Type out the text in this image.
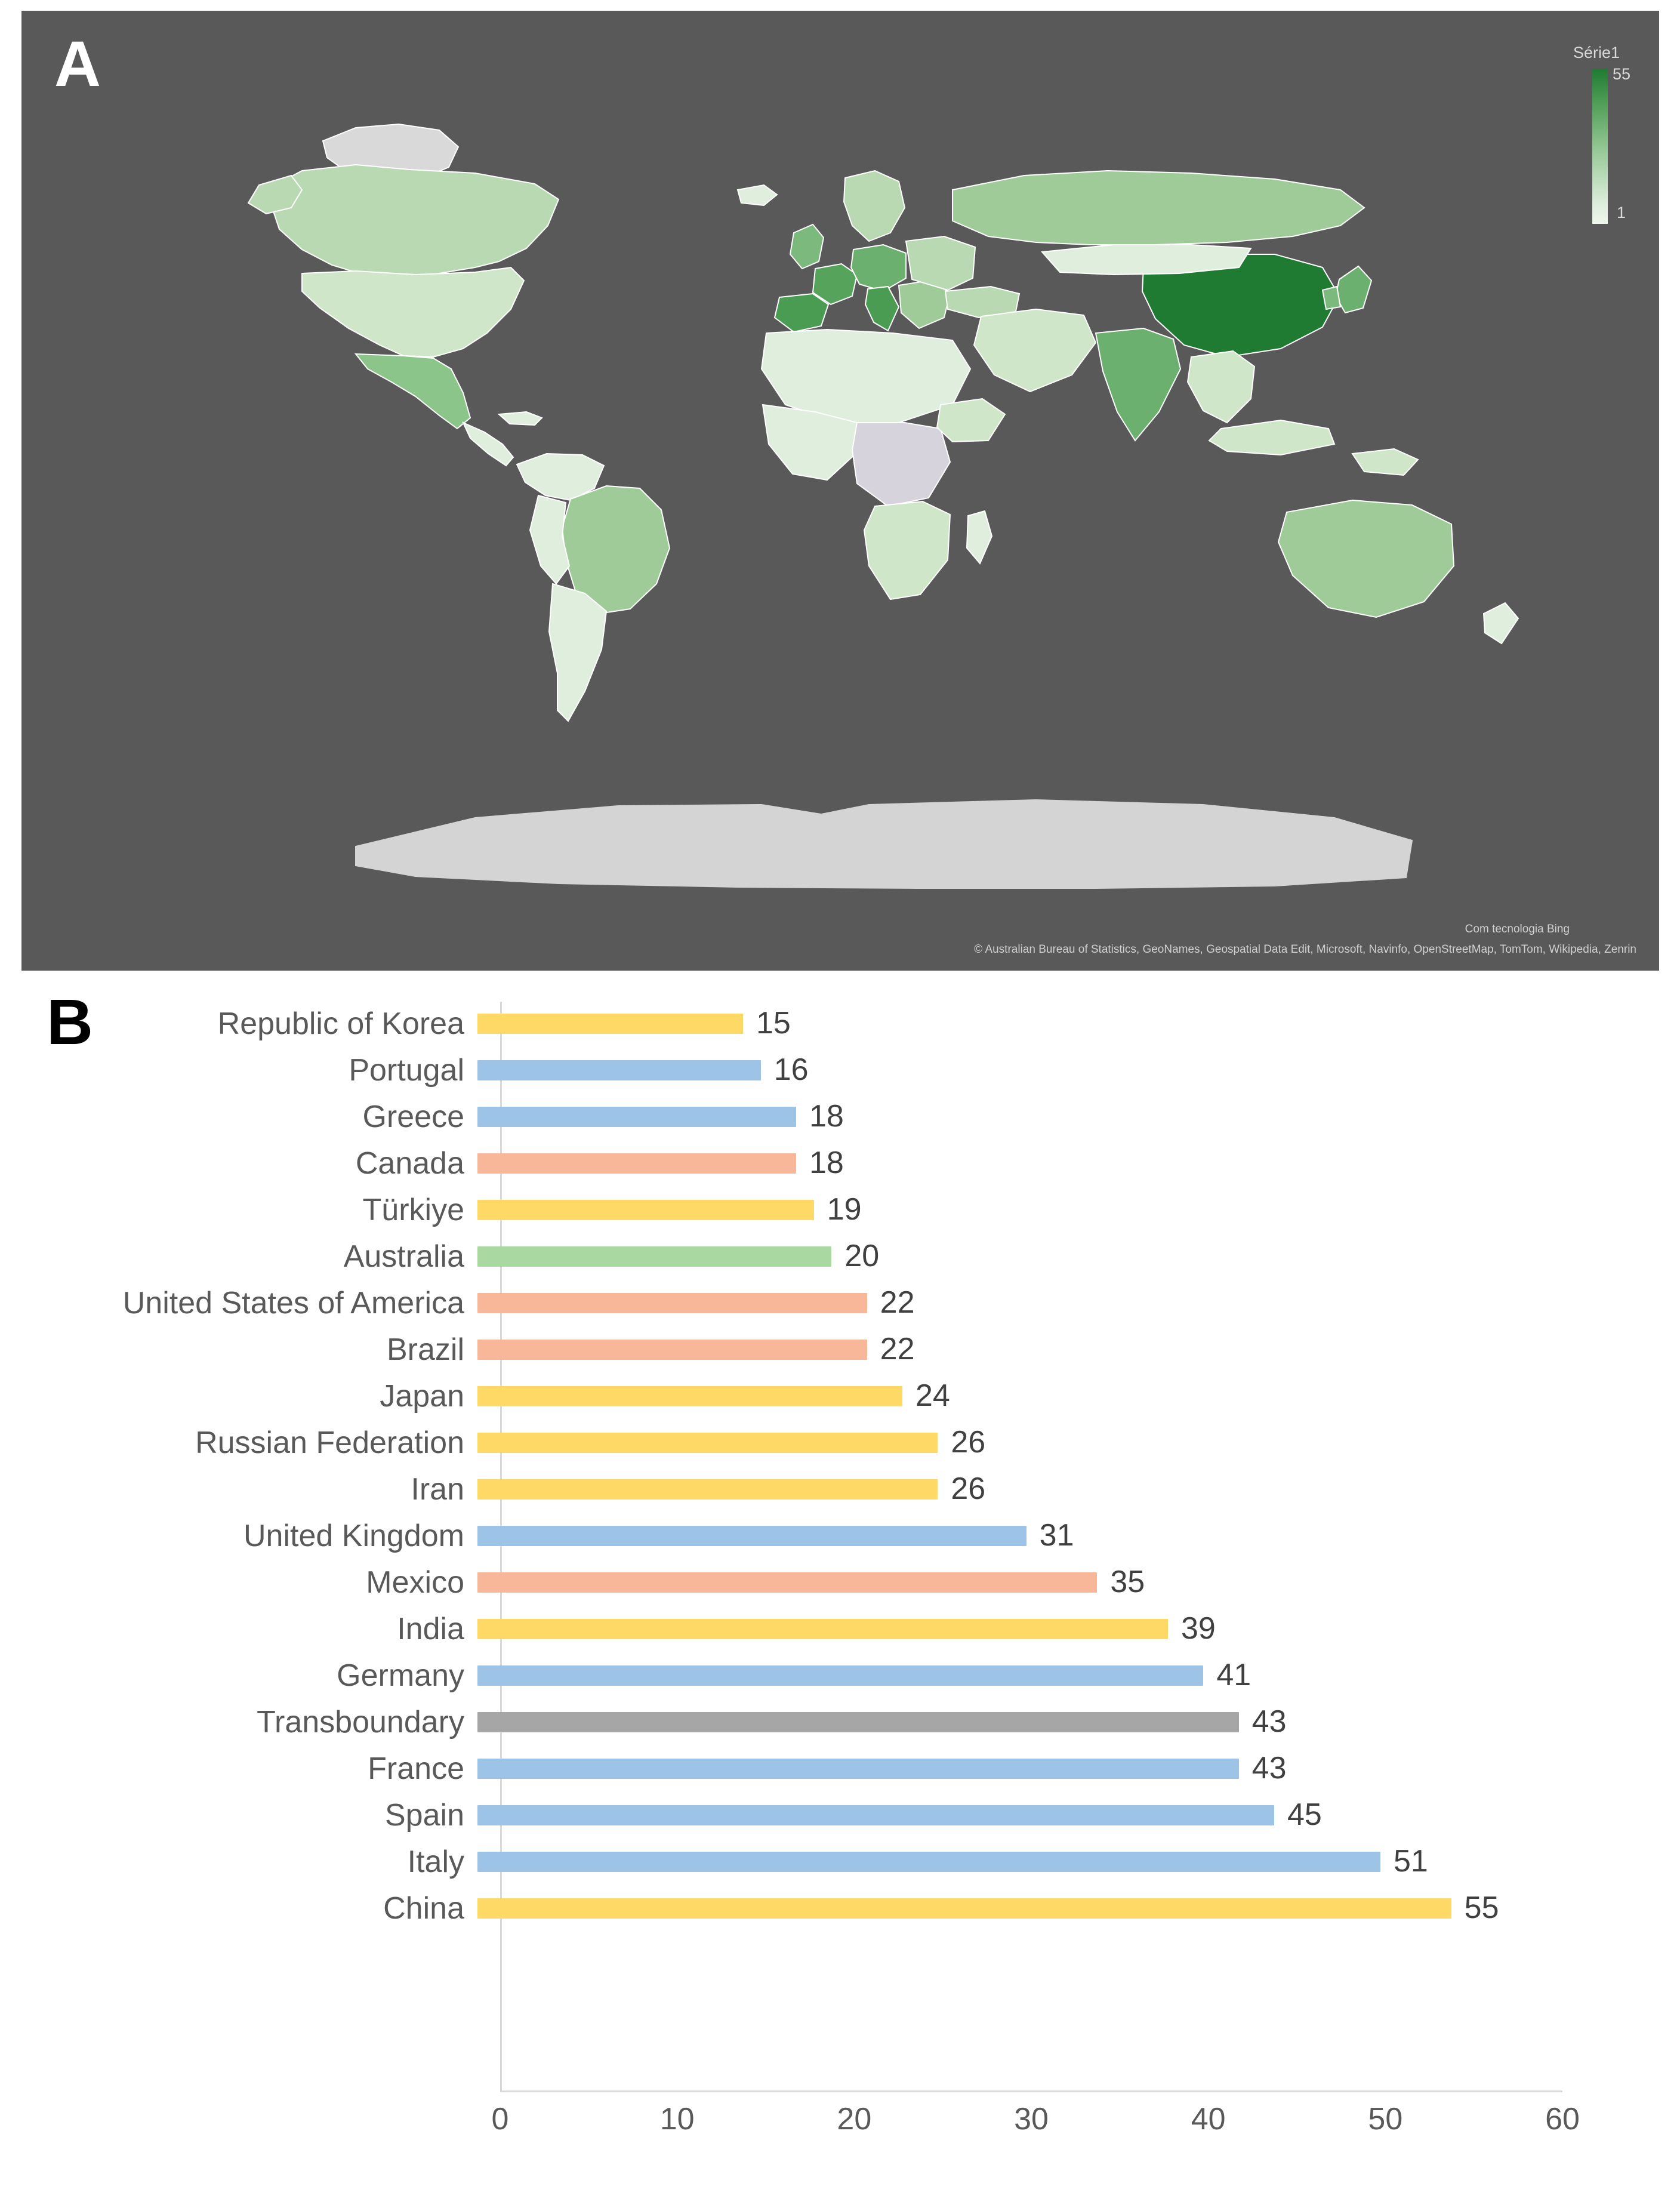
A	Série1
55
1
Com tecnologia Bing
© Australian Bureau of Statistics, GeoNames, Geospatial Data Edit, Microsoft, Navinfo, OpenStreetMap, TomTom, Wikipedia, Zenrin
B	Republic of Korea	15
Portugal	16
Greece	18
Canada	18
Türkiye	19
Australia	20
United States of America	22
Brazil	22
Japan	24
Russian Federation	26
Iran	26
United Kingdom	31
Mexico	35
India	39
Germany	41
Transboundary	43
France	43
Spain	45
Italy	51
China	55
0	10	20	30	40	50	60
